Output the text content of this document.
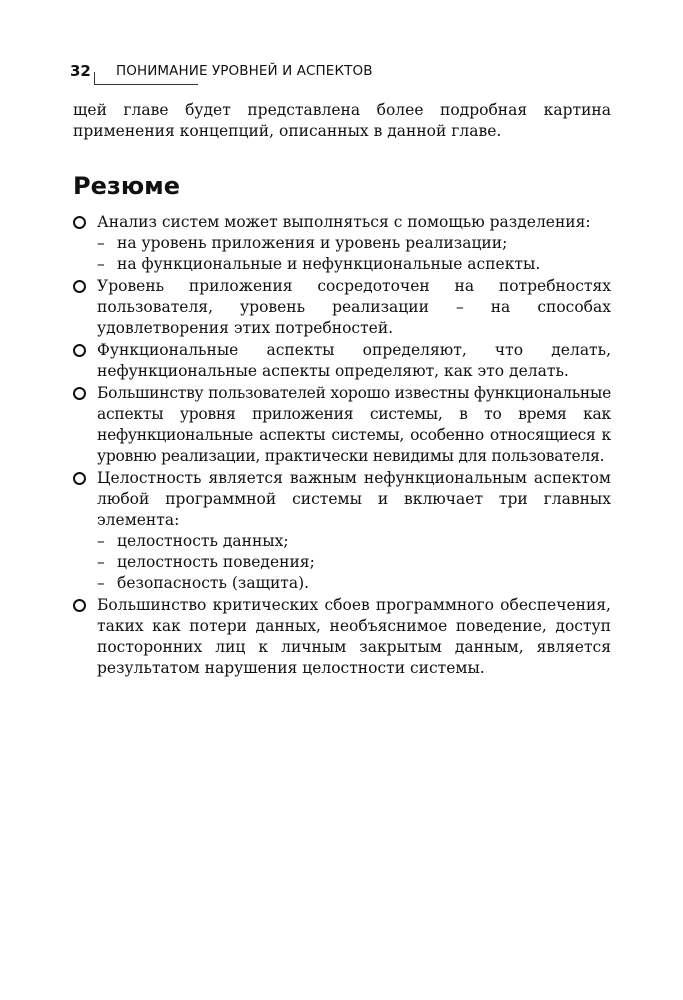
32 ПОНИМАНИЕ УРОВНЕЙ И АСПЕКТОВ

щей главе будет представлена более подробная картина применения концепций, описанных в данной главе.

Резюме
Анализ систем может выполняться с помощью разделения:
– на уровень приложения и уровень реализации;
– на функциональные и нефункциональные аспекты.
Уровень приложения сосредоточен на потребностях пользователя, уровень реализации – на способах удовлетворения этих потребностей.
Функциональные аспекты определяют, что делать, нефункциональные аспекты определяют, как это делать.
Большинству пользователей хорошо известны функциональные аспекты уровня приложения системы, в то время как нефункциональные аспекты системы, особенно относящиеся к уровню реализации, практически невидимы для пользователя.
Целостность является важным нефункциональным аспектом любой программной системы и включает три главных элемента:
– целостность данных;
– целостность поведения;
– безопасность (защита).
Большинство критических сбоев программного обеспечения, таких как потери данных, необъяснимое поведение, доступ посторонних лиц к личным закрытым данным, является результатом нарушения целостности системы.
